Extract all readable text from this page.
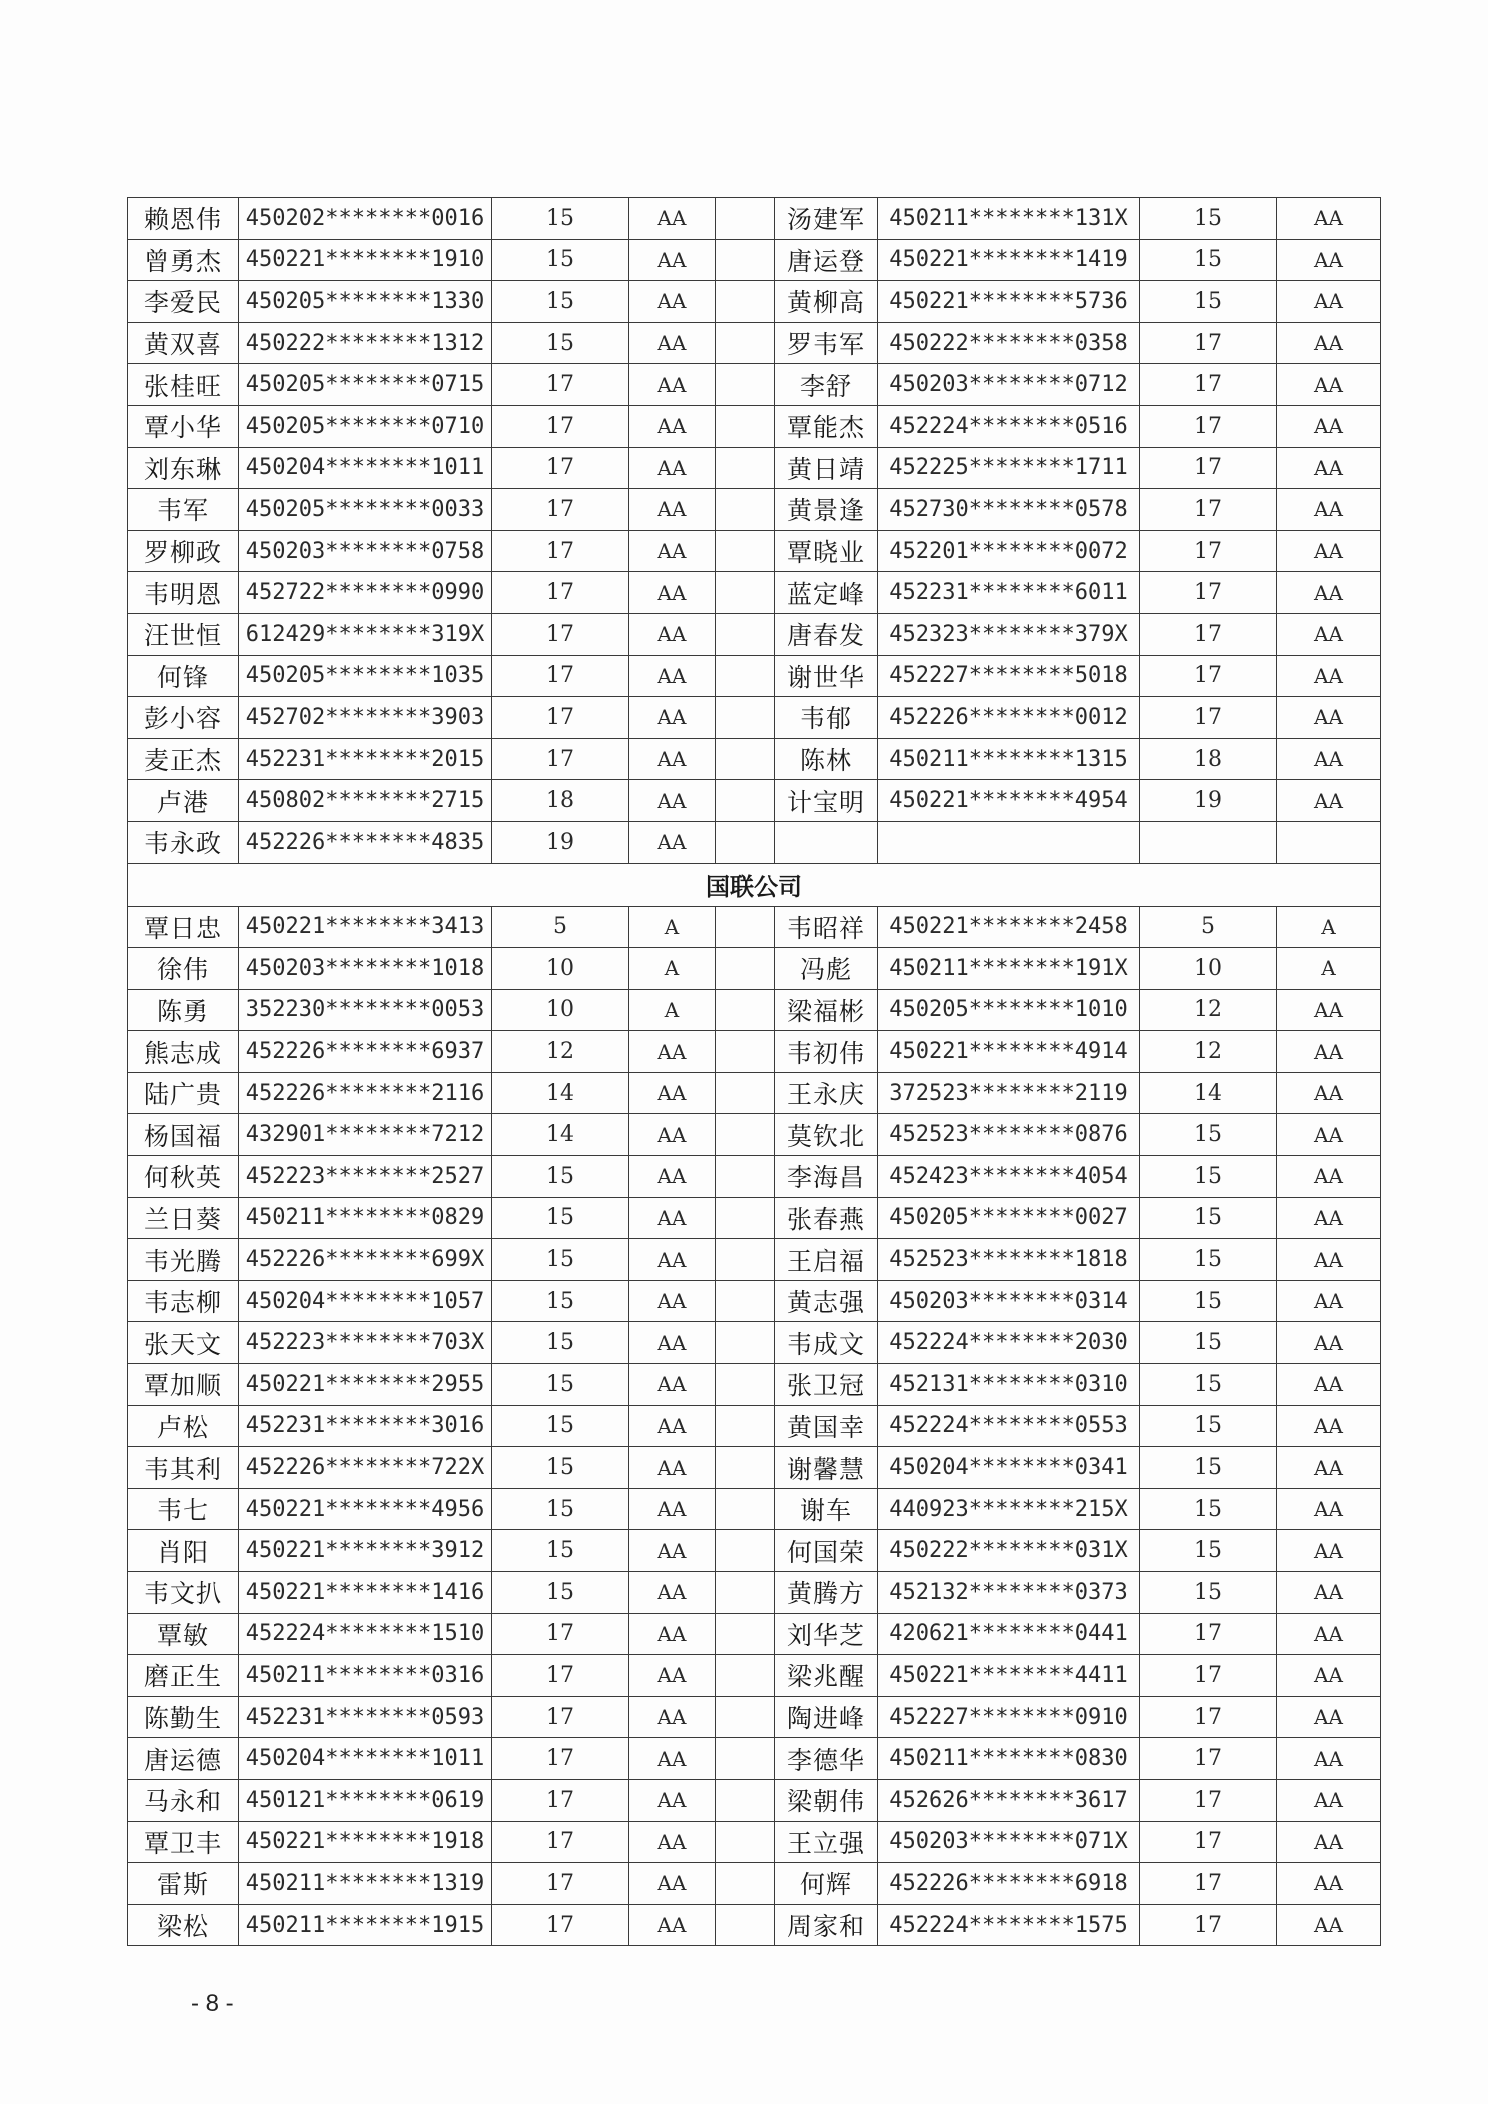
赖恩伟	450202********0016	15	AA		汤建军	450211********131X	15	AA
曾勇杰	450221********1910	15	AA		唐运登	450221********1419	15	AA
李爱民	450205********1330	15	AA		黄柳高	450221********5736	15	AA
黄双喜	450222********1312	15	AA		罗韦军	450222********0358	17	AA
张桂旺	450205********0715	17	AA		李舒	450203********0712	17	AA
覃小华	450205********0710	17	AA		覃能杰	452224********0516	17	AA
刘东琳	450204********1011	17	AA		黄日靖	452225********1711	17	AA
韦军	450205********0033	17	AA		黄景逢	452730********0578	17	AA
罗柳政	450203********0758	17	AA		覃晓业	452201********0072	17	AA
韦明恩	452722********0990	17	AA		蓝定峰	452231********6011	17	AA
汪世恒	612429********319X	17	AA		唐春发	452323********379X	17	AA
何锋	450205********1035	17	AA		谢世华	452227********5018	17	AA
彭小容	452702********3903	17	AA		韦郁	452226********0012	17	AA
麦正杰	452231********2015	17	AA		陈林	450211********1315	18	AA
卢港	450802********2715	18	AA		计宝明	450221********4954	19	AA
韦永政	452226********4835	19	AA					
国联公司								
覃日忠	450221********3413	5	A		韦昭祥	450221********2458	5	A
徐伟	450203********1018	10	A		冯彪	450211********191X	10	A
陈勇	352230********0053	10	A		梁福彬	450205********1010	12	AA
熊志成	452226********6937	12	AA		韦初伟	450221********4914	12	AA
陆广贵	452226********2116	14	AA		王永庆	372523********2119	14	AA
杨国福	432901********7212	14	AA		莫钦北	452523********0876	15	AA
何秋英	452223********2527	15	AA		李海昌	452423********4054	15	AA
兰日葵	450211********0829	15	AA		张春燕	450205********0027	15	AA
韦光腾	452226********699X	15	AA		王启福	452523********1818	15	AA
韦志柳	450204********1057	15	AA		黄志强	450203********0314	15	AA
张天文	452223********703X	15	AA		韦成文	452224********2030	15	AA
覃加顺	450221********2955	15	AA		张卫冠	452131********0310	15	AA
卢松	452231********3016	15	AA		黄国幸	452224********0553	15	AA
韦其利	452226********722X	15	AA		谢馨慧	450204********0341	15	AA
韦七	450221********4956	15	AA		谢车	440923********215X	15	AA
肖阳	450221********3912	15	AA		何国荣	450222********031X	15	AA
韦文扒	450221********1416	15	AA		黄腾方	452132********0373	15	AA
覃敏	452224********1510	17	AA		刘华芝	420621********0441	17	AA
磨正生	450211********0316	17	AA		梁兆醒	450221********4411	17	AA
陈勤生	452231********0593	17	AA		陶进峰	452227********0910	17	AA
唐运德	450204********1011	17	AA		李德华	450211********0830	17	AA
马永和	450121********0619	17	AA		梁朝伟	452626********3617	17	AA
覃卫丰	450221********1918	17	AA		王立强	450203********071X	17	AA
雷斯	450211********1319	17	AA		何辉	452226********6918	17	AA
梁松	450211********1915	17	AA		周家和	452224********1575	17	AA
- 8 -
